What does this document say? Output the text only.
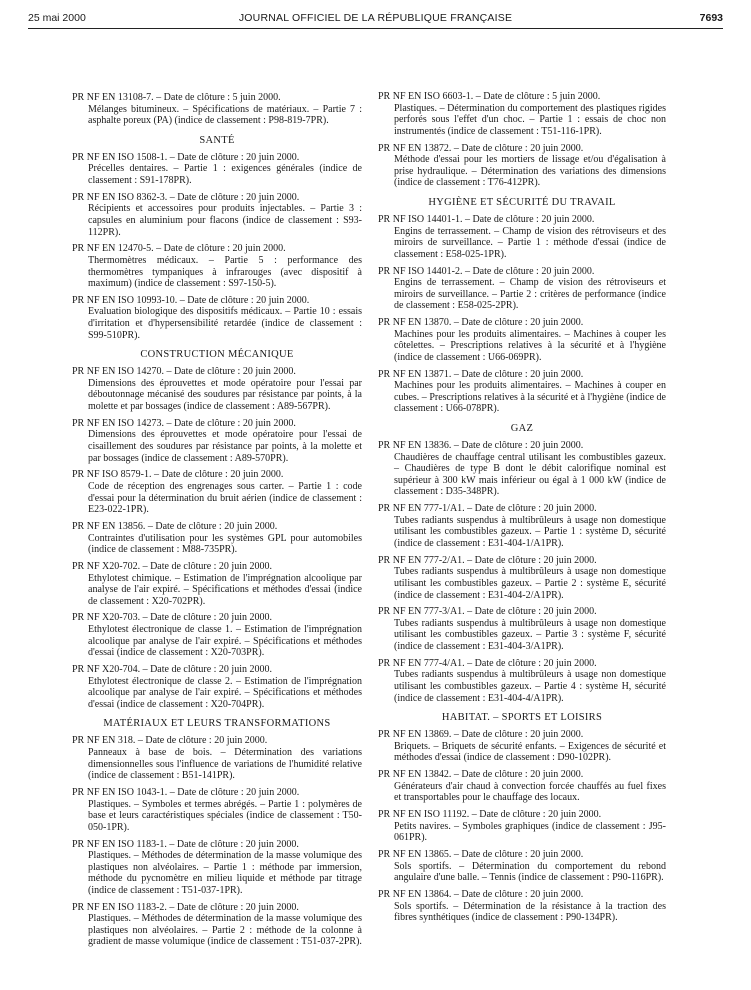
25 mai 2000	JOURNAL OFFICIEL DE LA RÉPUBLIQUE FRANÇAISE	7693
PR NF EN 13108-7. – Date de clôture : 5 juin 2000.
Mélanges bitumineux. – Spécifications de matériaux. – Partie 7 : asphalte poreux (PA) (indice de classement : P98-819-7PR).
SANTÉ
PR NF EN ISO 1508-1. – Date de clôture : 20 juin 2000.
Précelles dentaires. – Partie 1 : exigences générales (indice de classement : S91-178PR).
PR NF EN ISO 8362-3. – Date de clôture : 20 juin 2000.
Récipients et accessoires pour produits injectables. – Partie 3 : capsules en aluminium pour flacons (indice de classement : S93-112PR).
PR NF EN 12470-5. – Date de clôture : 20 juin 2000.
Thermomètres médicaux. – Partie 5 : performance des thermomètres tympaniques à infrarouges (avec dispositif à maximum) (indice de classement : S97-150-5).
PR NF EN ISO 10993-10. – Date de clôture : 20 juin 2000.
Evaluation biologique des dispositifs médicaux. – Partie 10 : essais d'irritation et d'hypersensibilité retardée (indice de classement : S99-510PR).
CONSTRUCTION MÉCANIQUE
PR NF EN ISO 14270. – Date de clôture : 20 juin 2000.
Dimensions des éprouvettes et mode opératoire pour l'essai par déboutonnage mécanisé des soudures par résistance par points, à la molette et par bossages (indice de classement : A89-567PR).
PR NF EN ISO 14273. – Date de clôture : 20 juin 2000.
Dimensions des éprouvettes et mode opératoire pour l'essai de cisaillement des soudures par résistance par points, à la molette et par bossages (indice de classement : A89-570PR).
PR NF ISO 8579-1. – Date de clôture : 20 juin 2000.
Code de réception des engrenages sous carter. – Partie 1 : code d'essai pour la détermination du bruit aérien (indice de classement : E23-022-1PR).
PR NF EN 13856. – Date de clôture : 20 juin 2000.
Contraintes d'utilisation pour les systèmes GPL pour automobiles (indice de classement : M88-735PR).
PR NF X20-702. – Date de clôture : 20 juin 2000.
Ethylotest chimique. – Estimation de l'imprégnation alcoolique par analyse de l'air expiré. – Spécifications et méthodes d'essai (indice de classement : X20-702PR).
PR NF X20-703. – Date de clôture : 20 juin 2000.
Ethylotest électronique de classe 1. – Estimation de l'imprégnation alcoolique par analyse de l'air expiré. – Spécifications et méthodes d'essai (indice de classement : X20-703PR).
PR NF X20-704. – Date de clôture : 20 juin 2000.
Ethylotest électronique de classe 2. – Estimation de l'imprégnation alcoolique par analyse de l'air expiré. – Spécifications et méthodes d'essai (indice de classement : X20-704PR).
MATÉRIAUX ET LEURS TRANSFORMATIONS
PR NF EN 318. – Date de clôture : 20 juin 2000.
Panneaux à base de bois. – Détermination des variations dimensionnelles sous l'influence de variations de l'humidité relative (indice de classement : B51-141PR).
PR NF EN ISO 1043-1. – Date de clôture : 20 juin 2000.
Plastiques. – Symboles et termes abrégés. – Partie 1 : polymères de base et leurs caractéristiques spéciales (indice de classement : T50-050-1PR).
PR NF EN ISO 1183-1. – Date de clôture : 20 juin 2000.
Plastiques. – Méthodes de détermination de la masse volumique des plastiques non alvéolaires. – Partie 1 : méthode par immersion, méthode du pycnomètre en milieu liquide et méthode par titrage (indice de classement : T51-037-1PR).
PR NF EN ISO 1183-2. – Date de clôture : 20 juin 2000.
Plastiques. – Méthodes de détermination de la masse volumique des plastiques non alvéolaires. – Partie 2 : méthode de la colonne à gradient de masse volumique (indice de classement : T51-037-2PR).
PR NF EN ISO 6603-1. – Date de clôture : 5 juin 2000.
Plastiques. – Détermination du comportement des plastiques rigides perforés sous l'effet d'un choc. – Partie 1 : essais de choc non instrumentés (indice de classement : T51-116-1PR).
PR NF EN 13872. – Date de clôture : 20 juin 2000.
Méthode d'essai pour les mortiers de lissage et/ou d'égalisation à prise hydraulique. – Détermination des variations des dimensions (indice de classement : T76-412PR).
HYGIÈNE ET SÉCURITÉ DU TRAVAIL
PR NF ISO 14401-1. – Date de clôture : 20 juin 2000.
Engins de terrassement. – Champ de vision des rétroviseurs et des miroirs de surveillance. – Partie 1 : méthode d'essai (indice de classement : E58-025-1PR).
PR NF ISO 14401-2. – Date de clôture : 20 juin 2000.
Engins de terrassement. – Champ de vision des rétroviseurs et miroirs de surveillance. – Partie 2 : critères de performance (indice de classement : E58-025-2PR).
PR NF EN 13870. – Date de clôture : 20 juin 2000.
Machines pour les produits alimentaires. – Machines à couper les côtelettes. – Prescriptions relatives à la sécurité et à l'hygiène (indice de classement : U66-069PR).
PR NF EN 13871. – Date de clôture : 20 juin 2000.
Machines pour les produits alimentaires. – Machines à couper en cubes. – Prescriptions relatives à la sécurité et à l'hygiène (indice de classement : U66-078PR).
GAZ
PR NF EN 13836. – Date de clôture : 20 juin 2000.
Chaudières de chauffage central utilisant les combustibles gazeux. – Chaudières de type B dont le débit calorifique nominal est supérieur à 300 kW mais inférieur ou égal à 1 000 kW (indice de classement : D35-348PR).
PR NF EN 777-1/A1. – Date de clôture : 20 juin 2000.
Tubes radiants suspendus à multibrûleurs à usage non domestique utilisant les combustibles gazeux. – Partie 1 : système D, sécurité (indice de classement : E31-404-1/A1PR).
PR NF EN 777-2/A1. – Date de clôture : 20 juin 2000.
Tubes radiants suspendus à multibrûleurs à usage non domestique utilisant les combustibles gazeux. – Partie 2 : système E, sécurité (indice de classement : E31-404-2/A1PR).
PR NF EN 777-3/A1. – Date de clôture : 20 juin 2000.
Tubes radiants suspendus à multibrûleurs à usage non domestique utilisant les combustibles gazeux. – Partie 3 : système F, sécurité (indice de classement : E31-404-3/A1PR).
PR NF EN 777-4/A1. – Date de clôture : 20 juin 2000.
Tubes radiants suspendus à multibrûleurs à usage non domestique utilisant les combustibles gazeux. – Partie 4 : système H, sécurité (indice de classement : E31-404-4/A1PR).
HABITAT. – SPORTS ET LOISIRS
PR NF EN 13869. – Date de clôture : 20 juin 2000.
Briquets. – Briquets de sécurité enfants. – Exigences de sécurité et méthodes d'essai (indice de classement : D90-102PR).
PR NF EN 13842. – Date de clôture : 20 juin 2000.
Générateurs d'air chaud à convection forcée chauffés au fuel fixes et transportables pour le chauffage des locaux.
PR NF EN ISO 11192. – Date de clôture : 20 juin 2000.
Petits navires. – Symboles graphiques (indice de classement : J95-061PR).
PR NF EN 13865. – Date de clôture : 20 juin 2000.
Sols sportifs. – Détermination du comportement du rebond angulaire d'une balle. – Tennis (indice de classement : P90-116PR).
PR NF EN 13864. – Date de clôture : 20 juin 2000.
Sols sportifs. – Détermination de la résistance à la traction des fibres synthétiques (indice de classement : P90-134PR).
